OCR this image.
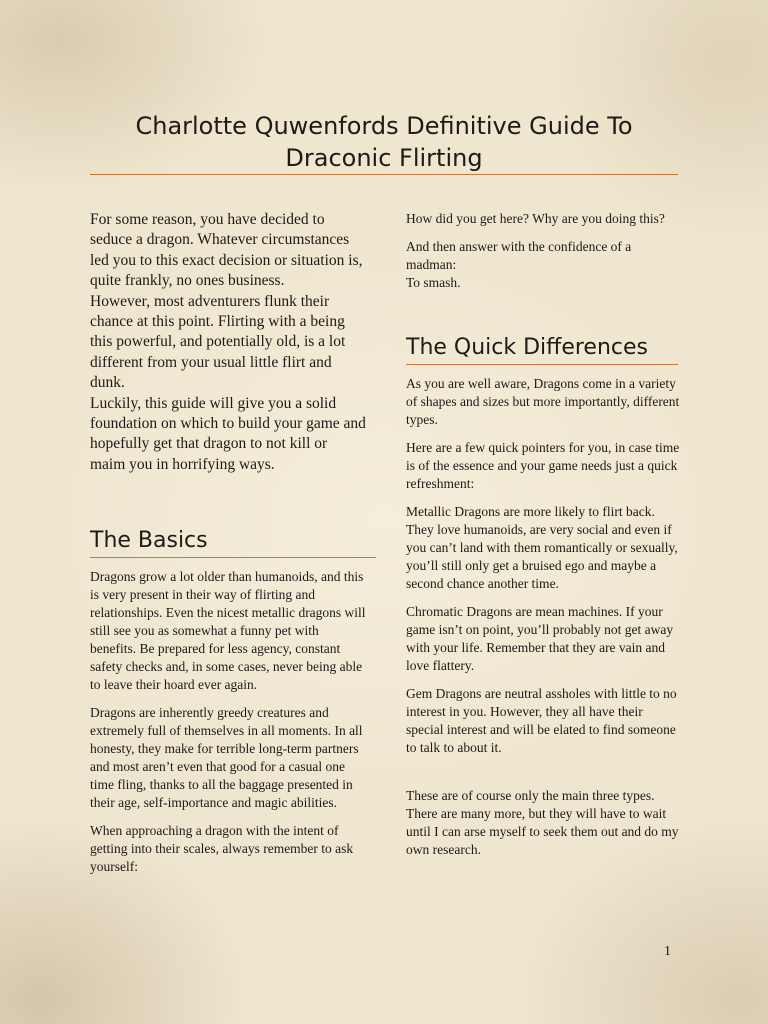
Charlotte Quwenfords Definitive Guide To Draconic Flirting

For some reason, you have decided to seduce a dragon. Whatever circumstances led you to this exact decision or situation is, quite frankly, no ones business.

However, most adventurers flunk their chance at this point. Flirting with a being this powerful, and potentially old, is a lot different from your usual little flirt and dunk.

Luckily, this guide will give you a solid foundation on which to build your game and hopefully get that dragon to not kill or maim you in horrifying ways.

The Basics

Dragons grow a lot older than humanoids, and this is very present in their way of flirting and relationships. Even the nicest metallic dragons will still see you as somewhat a funny pet with benefits. Be prepared for less agency, constant safety checks and, in some cases, never being able to leave their hoard ever again.

Dragons are inherently greedy creatures and extremely full of themselves in all moments. In all honesty, they make for terrible long-term partners and most aren’t even that good for a casual one time fling, thanks to all the baggage presented in their age, self-importance and magic abilities.

When approaching a dragon with the intent of getting into their scales, always remember to ask yourself:

How did you get here? Why are you doing this?

And then answer with the confidence of a madman:

To smash.

The Quick Differences

As you are well aware, Dragons come in a variety of shapes and sizes but more importantly, different types.

Here are a few quick pointers for you, in case time is of the essence and your game needs just a quick refreshment:

Metallic Dragons are more likely to flirt back. They love humanoids, are very social and even if you can’t land with them romantically or sexually, you’ll still only get a bruised ego and maybe a second chance another time.

Chromatic Dragons are mean machines. If your game isn’t on point, you’ll probably not get away with your life. Remember that they are vain and love flattery.

Gem Dragons are neutral assholes with little to no interest in you. However, they all have their special interest and will be elated to find someone to talk to about it.

These are of course only the main three types. There are many more, but they will have to wait until I can arse myself to seek them out and do my own research.

1
